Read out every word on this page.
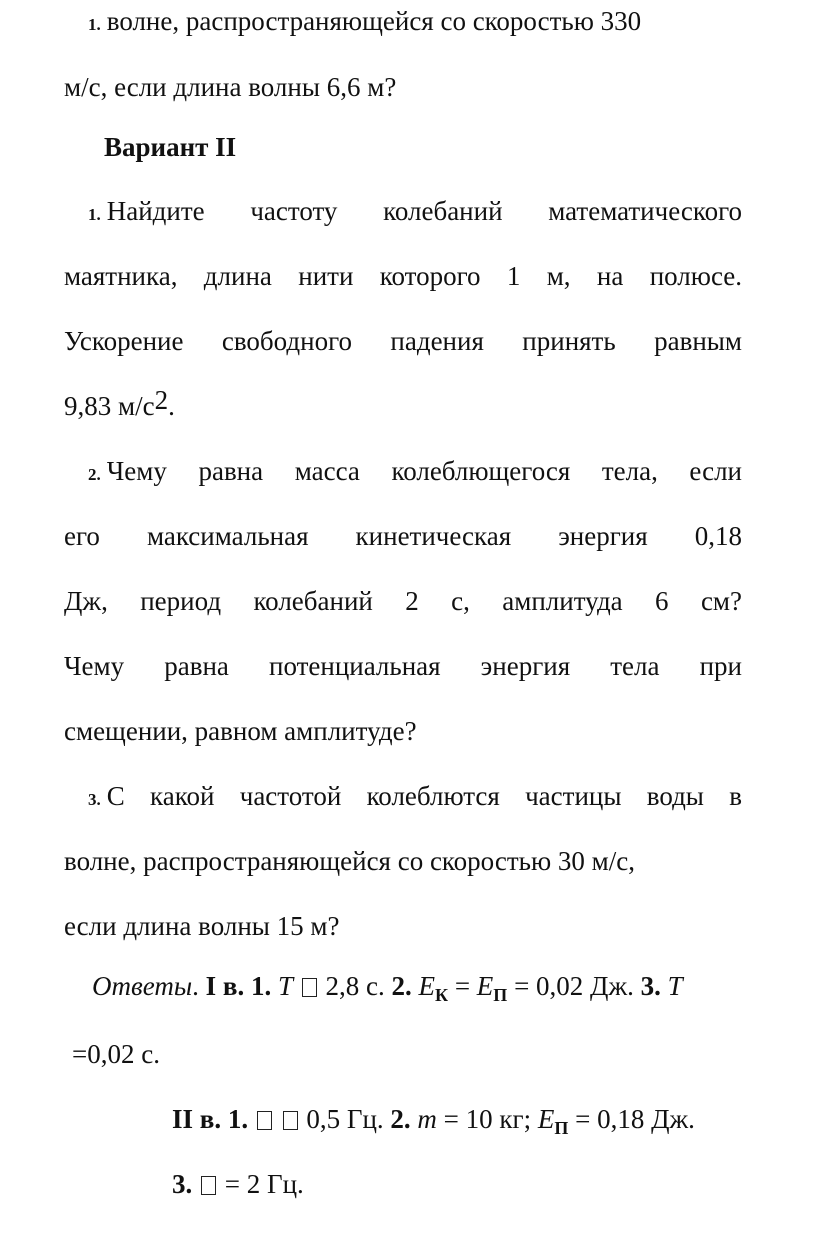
1. волне, распространяющейся со скоростью 330
м/с, если длина волны 6,6 м?
Вариант II
1. Найдите частоту колебаний математического
маятника, длина нити которого 1 м, на полюсе.
Ускорение свободного падения принять равным
9,83 м/с2.
2. Чему равна масса колеблющегося тела, если
его максимальная кинетическая энергия 0,18
Дж, период колебаний 2 с, амплитуда 6 см?
Чему равна потенциальная энергия тела при
смещении, равном амплитуде?
3. С какой частотой колеблются частицы воды в
волне, распространяющейся со скоростью 30 м/с,
если длина волны 15 м?
Ответы. I в. 1. T 2,8 с. 2. $E_К = E_П = 0,02$ Дж. 3. T
=0,02 с.
II в. 1. 0,5 Гц. 2. m = 10 кг; $E_П = 0,18$ Дж.
3.  = 2 Гц.
